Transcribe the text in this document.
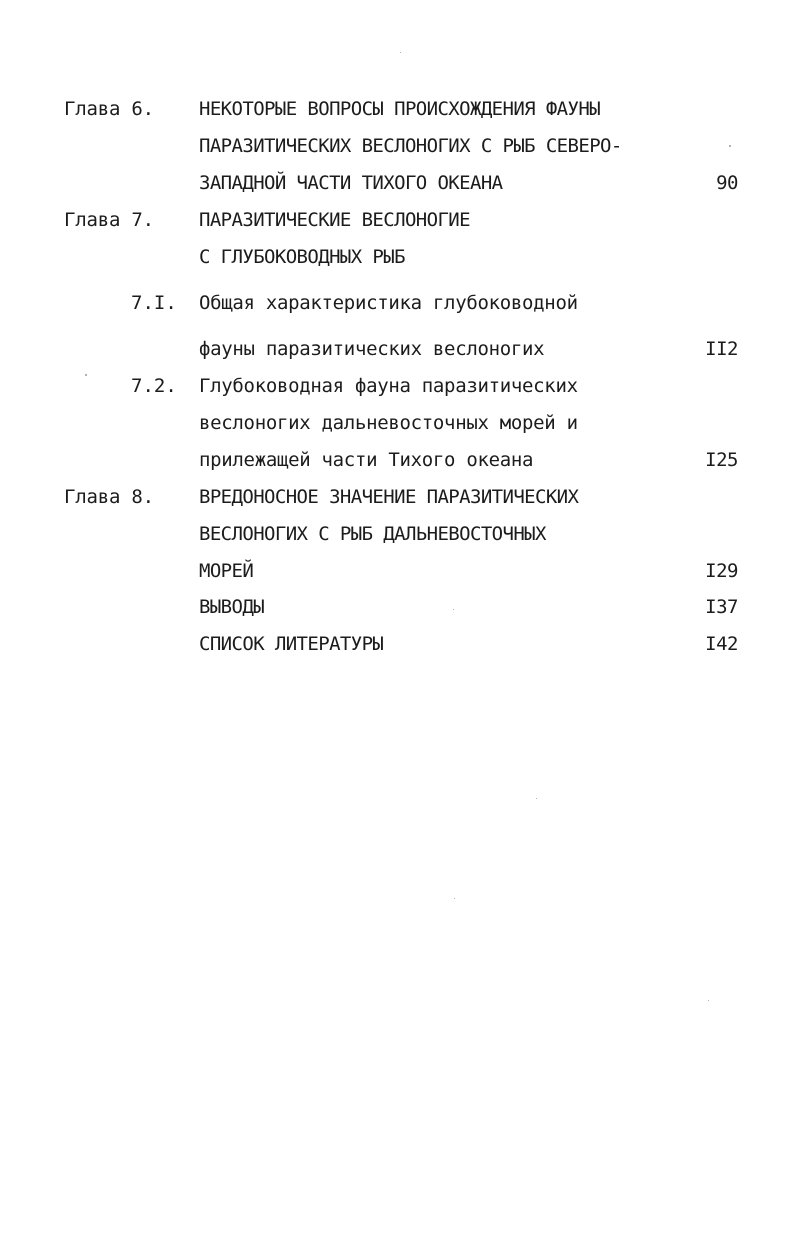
Глава 6. НЕКОТОРЫЕ ВОПРОСЫ ПРОИСХОЖДЕНИЯ ФАУНЫ
ПАРАЗИТИЧЕСКИХ ВЕСЛОНОГИХ С РЫБ СЕВЕРО-
ЗАПАДНОЙ ЧАСТИ ТИХОГО ОКЕАНА	90
Глава 7. ПАРАЗИТИЧЕСКИЕ ВЕСЛОНОГИЕ
С ГЛУБОКОВОДНЫХ РЫБ
7.I. Общая характеристика глубоководной
фауны паразитических веслоногих	II2
7.2. Глубоководная фауна паразитических
веслоногих дальневосточных морей и
прилежащей части Тихого океана	I25
Глава 8. ВРЕДОНОСНОЕ ЗНАЧЕНИЕ ПАРАЗИТИЧЕСКИХ
ВЕСЛОНОГИХ С РЫБ ДАЛЬНЕВОСТОЧНЫХ
МОРЕЙ	I29
ВЫВОДЫ	I37
СПИСОК ЛИТЕРАТУРЫ	I42
